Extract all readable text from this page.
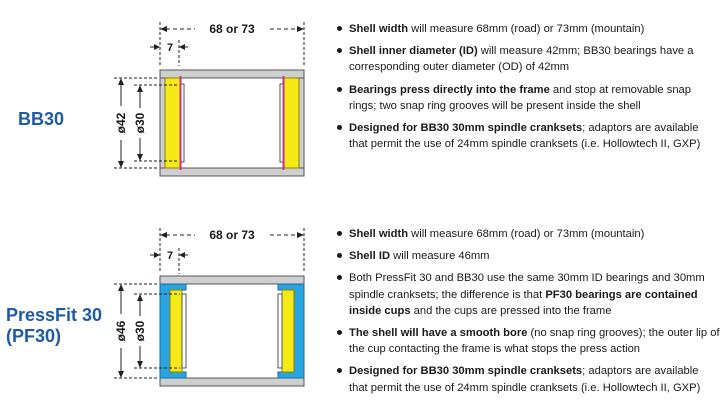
BB30
68 or 73
7
ø42 ø30
Shell width will measure 68mm (road) or 73mm (mountain)
Shell inner diameter (ID) will measure 42mm; BB30 bearings have a corresponding outer diameter (OD) of 42mm
Bearings press directly into the frame and stop at removable snap rings; two snap ring grooves will be present inside the shell
Designed for BB30 30mm spindle cranksets; adaptors are available that permit the use of 24mm spindle cranksets (i.e. Hollowtech II, GXP)
PressFit 30
(PF30)
68 or 73
7
ø46 ø30
Shell width will measure 68mm (road) or 73mm (mountain)
Shell ID will measure 46mm
Both PressFit 30 and BB30 use the same 30mm ID bearings and 30mm spindle cranksets; the difference is that PF30 bearings are contained inside cups and the cups are pressed into the frame
The shell will have a smooth bore (no snap ring grooves); the outer lip of the cup contacting the frame is what stops the press action
Designed for BB30 30mm spindle cranksets; adaptors are available that permit the use of 24mm spindle cranksets (i.e. Hollowtech II, GXP)
